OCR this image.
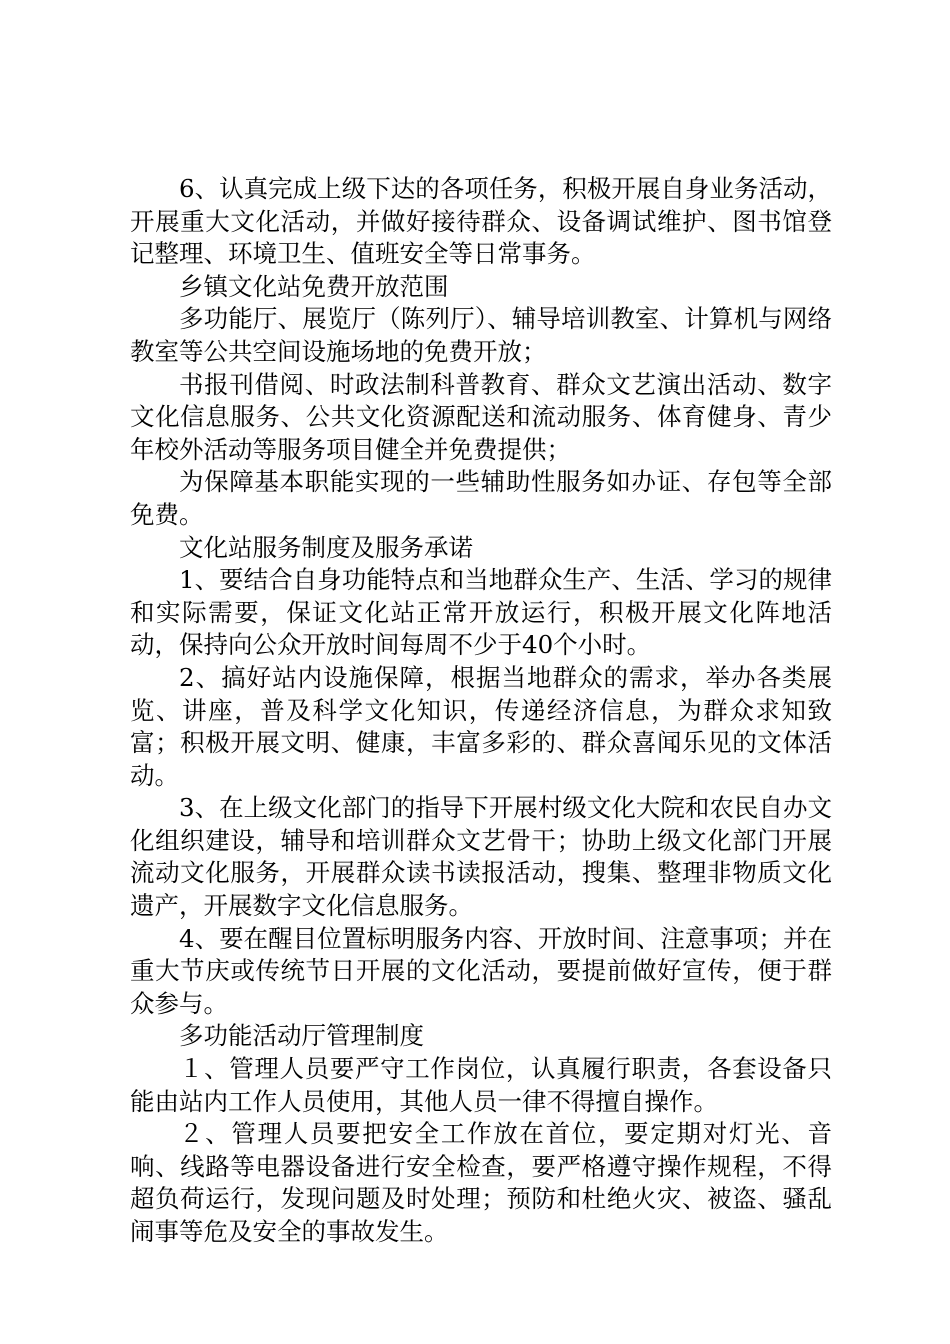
6、认真完成上级下达的各项任务，积极开展自身业务活动，开展重大文化活动，并做好接待群众、设备调试维护、图书馆登记整理、环境卫生、值班安全等日常事务。

乡镇文化站免费开放范围

多功能厅、展览厅（陈列厅）、辅导培训教室、计算机与网络教室等公共空间设施场地的免费开放；

书报刊借阅、时政法制科普教育、群众文艺演出活动、数字文化信息服务、公共文化资源配送和流动服务、体育健身、青少年校外活动等服务项目健全并免费提供；

为保障基本职能实现的一些辅助性服务如办证、存包等全部免费。

文化站服务制度及服务承诺

1、要结合自身功能特点和当地群众生产、生活、学习的规律和实际需要，保证文化站正常开放运行，积极开展文化阵地活动，保持向公众开放时间每周不少于40个小时。

2、搞好站内设施保障，根据当地群众的需求，举办各类展览、讲座，普及科学文化知识，传递经济信息，为群众求知致富；积极开展文明、健康，丰富多彩的、群众喜闻乐见的文体活动。

3、在上级文化部门的指导下开展村级文化大院和农民自办文化组织建设，辅导和培训群众文艺骨干；协助上级文化部门开展流动文化服务，开展群众读书读报活动，搜集、整理非物质文化遗产，开展数字文化信息服务。

4、要在醒目位置标明服务内容、开放时间、注意事项；并在重大节庆或传统节日开展的文化活动，要提前做好宣传，便于群众参与。

多功能活动厅管理制度

１、管理人员要严守工作岗位，认真履行职责，各套设备只能由站内工作人员使用，其他人员一律不得擅自操作。

２、管理人员要把安全工作放在首位，要定期对灯光、音响、线路等电器设备进行安全检查，要严格遵守操作规程，不得超负荷运行，发现问题及时处理；预防和杜绝火灾、被盗、骚乱闹事等危及安全的事故发生。
